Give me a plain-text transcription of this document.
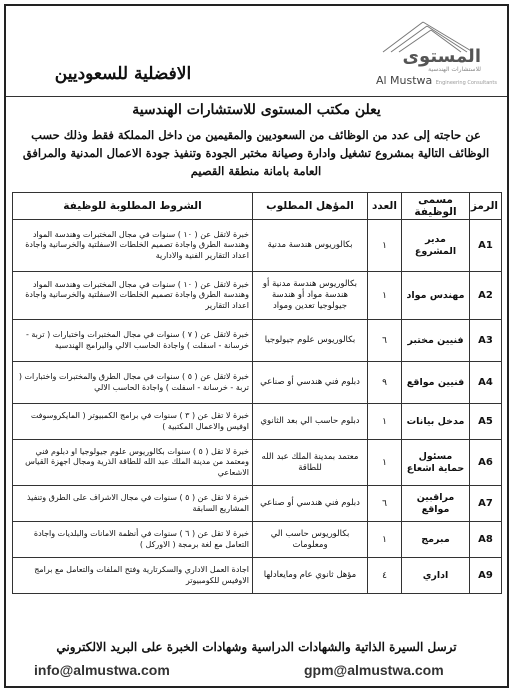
الافضلية للسعوديين
المستوى
للاستشارات الهندسية
Al Mustwa Engineering Consultants
يعلن مكتب المستوى للاستشارات الهندسية
عن حاجته إلى عدد من الوظائف من السعوديين والمقيمين من داخل المملكة فقط وذلك حسب الوظائف التالية بمشروع تشغيل وادارة وصيانة مختبر الجودة وتنفيذ جودة الاعمال المدنية والمرافق العامة بامانة منطقة القصيم
الرمز	مسمى الوظيفة	العدد	المؤهل المطلوب	الشروط المطلوبة للوظيفة
A1	مدير المشروع	١	بكالوريوس هندسة مدنية	خبرة لاتقل عن ( ١٠ ) سنوات في مجال المختبرات وهندسة المواد وهندسة الطرق واجادة تصميم الخلطات الاسفلتية والخرسانية واجادة اعداد التقارير الفنية والادارية
A2	مهندس مواد	١	بكالوريوس هندسة مدنية أو هندسة مواد أو هندسة جيولوجيا تعدين ومواد	خبرة لاتقل عن ( ١٠ ) سنوات في مجال المختبرات وهندسة المواد وهندسة الطرق واجادة تصميم الخلطات الاسفلتية والخرسانية واجادة اعداد التقارير
A3	فنيين مختبر	٦	بكالوريوس علوم جيولوجيا	خبرة لاتقل عن ( ٧ ) سنوات في مجال المختبرات واختبارات ( تربة - خرسانة - اسفلت ) واجادة الحاسب الالي والبرامج الهندسية
A4	فنيين مواقع	٩	دبلوم فني هندسي أو صناعي	خبرة لاتقل عن ( ٥ ) سنوات في مجال الطرق والمختبرات واختبارات ( تربة - خرسانة - اسفلت ) واجادة الحاسب الالي
A5	مدخل بيانات	١	دبلوم حاسب الي بعد الثانوي	خبرة لا تقل عن ( ٣ ) سنوات في برامج الكمبيوتر ( المايكروسوفت اوفيس والاعمال المكتبية )
A6	مسئول حماية اشعاع	١	معتمد بمدينة الملك عبد الله للطاقة	خبرة لا تقل ( ٥ ) سنوات بكالوريوس علوم جيولوجيا او دبلوم فني ومعتمد من مدينة الملك عبد الله للطاقة الذرية ومجال اجهزة القياس الاشعاعي
A7	مراقبين مواقع	٦	دبلوم فني هندسي أو صناعي	خبرة لا تقل عن ( ٥ ) سنوات في مجال الاشراف على الطرق وتنفيذ المشاريع السابقة
A8	مبرمج	١	بكالوريوس حاسب الي ومعلومات	خبرة لا تقل عن ( ٦ ) سنوات في أنظمة الامانات والبلديات واجادة التعامل مع لغة برمجة ( الاوركل )
A9	اداري	٤	مؤهل ثانوي عام ومايعادلها	اجادة العمل الاداري والسكرتارية وفتح الملفات والتعامل مع برامج الاوفيس للكومبيوتر
ترسل السيرة الذاتية والشهادات الدراسية وشهادات الخبرة على البريد الالكتروني
info@almustwa.com	gpm@almustwa.com
